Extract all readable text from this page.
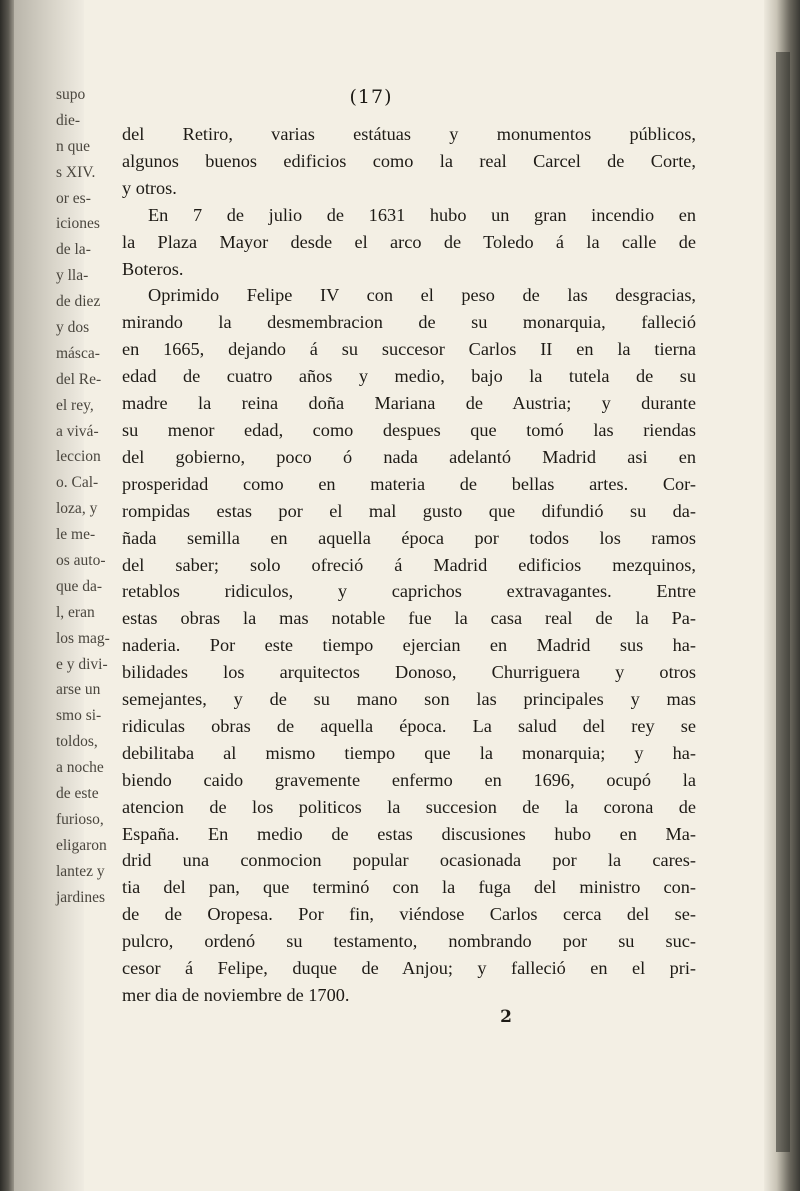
supo
die-
n que
s XIV.
or es-
iciones
de la-
y lla-
de diez
y dos
másca-
del Re-
el rey,
a vivá-
leccion
o. Cal-
loza, y
le me-
os auto-
que da-
l, eran
los mag-
e y divi-
arse un
smo si-
toldos,
a noche
de este
furioso,
eligaron
lantez y
jardines
(17)

del Retiro, varias estátuas y monumentos públicos,
algunos buenos edificios como la real Carcel de Corte,
y otros.

En 7 de julio de 1631 hubo un gran incendio en
la Plaza Mayor desde el arco de Toledo á la calle de
Boteros.

Oprimido Felipe IV con el peso de las desgracias,
mirando la desmembracion de su monarquia, falleció
en 1665, dejando á su succesor Carlos II en la tierna
edad de cuatro años y medio, bajo la tutela de su
madre la reina doña Mariana de Austria; y durante
su menor edad, como despues que tomó las riendas
del gobierno, poco ó nada adelantó Madrid asi en
prosperidad como en materia de bellas artes. Cor-
rompidas estas por el mal gusto que difundió su da-
ñada semilla en aquella época por todos los ramos
del saber; solo ofreció á Madrid edificios mezquinos,
retablos ridiculos, y caprichos extravagantes. Entre
estas obras la mas notable fue la casa real de la Pa-
naderia. Por este tiempo ejercian en Madrid sus ha-
bilidades los arquitectos Donoso, Churriguera y otros
semejantes, y de su mano son las principales y mas
ridiculas obras de aquella época. La salud del rey se
debilitaba al mismo tiempo que la monarquia; y ha-
biendo caido gravemente enfermo en 1696, ocupó la
atencion de los politicos la succesion de la corona de
España. En medio de estas discusiones hubo en Ma-
drid una conmocion popular ocasionada por la cares-
tia del pan, que terminó con la fuga del ministro con-
de de Oropesa. Por fin, viéndose Carlos cerca del se-
pulcro, ordenó su testamento, nombrando por su suc-
cesor á Felipe, duque de Anjou; y falleció en el pri-
mer dia de noviembre de 1700.

2
